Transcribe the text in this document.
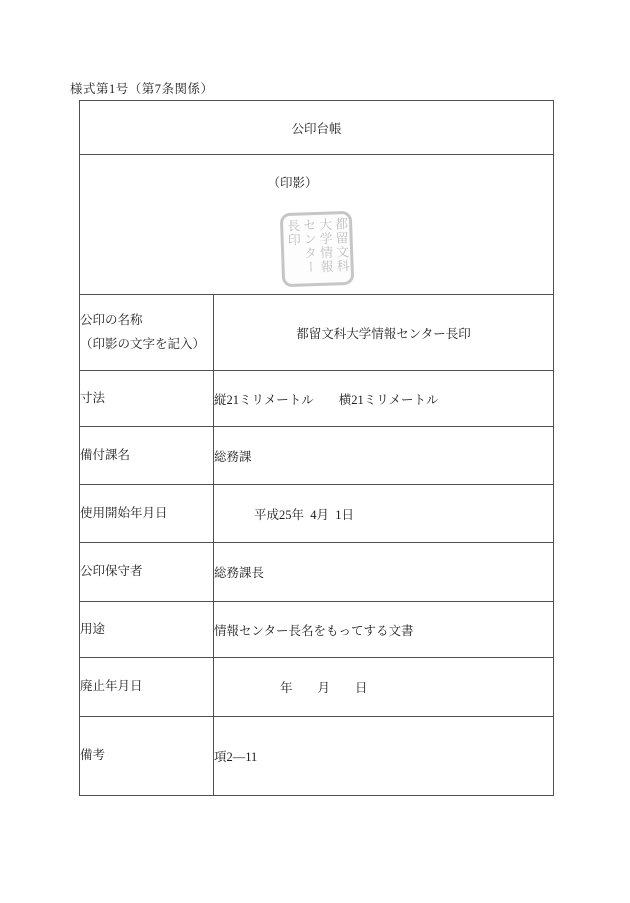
様式第1号（第7条関係）
公印台帳	

（印影）
都留文科大学情報センター長印	

公印の名称
（印影の文字を記入）	都留文科大学情報センター長印
寸法	縦21ミリメートル　　横21ミリメートル
備付課名	総務課
使用開始年月日	平成25年  4月  1日
公印保守者	総務課長
用途	情報センター長名をもってする文書
廃止年月日	年　　月　　日
備考	項2—11
